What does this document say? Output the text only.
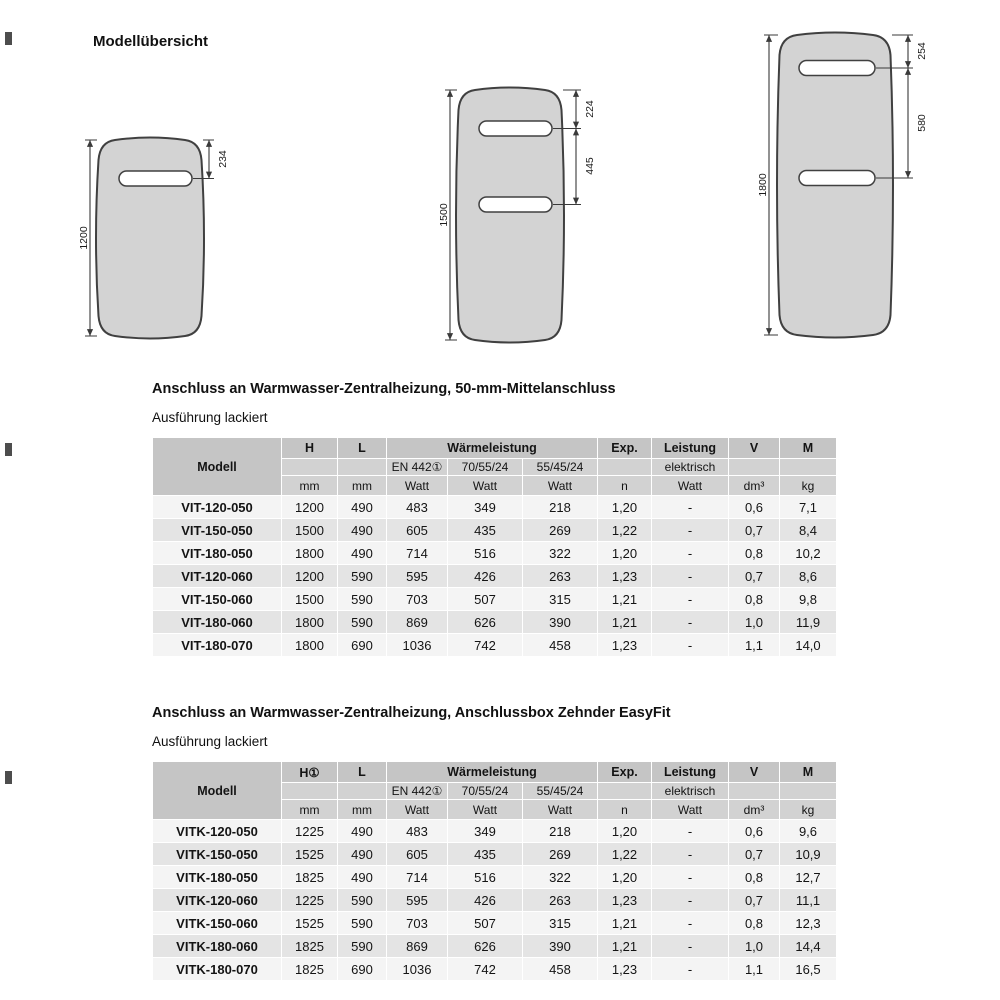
Modellübersicht
1200
234
1500
224
445
1800
254
580
Anschluss an Warmwasser-Zentralheizung, 50-mm-Mittelanschluss
Ausführung lackiert
Modell	H	L	Wärmeleistung			Exp.	Leistung	V	M
			EN 442①	70/55/24	55/45/24		elektrisch		
	mm	mm	Watt	Watt	Watt	n	Watt	dm³	kg
VIT-120-050	1200	490	483	349	218	1,20	-	0,6	7,1
VIT-150-050	1500	490	605	435	269	1,22	-	0,7	8,4
VIT-180-050	1800	490	714	516	322	1,20	-	0,8	10,2
VIT-120-060	1200	590	595	426	263	1,23	-	0,7	8,6
VIT-150-060	1500	590	703	507	315	1,21	-	0,8	9,8
VIT-180-060	1800	590	869	626	390	1,21	-	1,0	11,9
VIT-180-070	1800	690	1036	742	458	1,23	-	1,1	14,0
Anschluss an Warmwasser-Zentralheizung, Anschlussbox Zehnder EasyFit
Ausführung lackiert
Modell	H①	L	Wärmeleistung			Exp.	Leistung	V	M
			EN 442①	70/55/24	55/45/24		elektrisch		
	mm	mm	Watt	Watt	Watt	n	Watt	dm³	kg
VITK-120-050	1225	490	483	349	218	1,20	-	0,6	9,6
VITK-150-050	1525	490	605	435	269	1,22	-	0,7	10,9
VITK-180-050	1825	490	714	516	322	1,20	-	0,8	12,7
VITK-120-060	1225	590	595	426	263	1,23	-	0,7	11,1
VITK-150-060	1525	590	703	507	315	1,21	-	0,8	12,3
VITK-180-060	1825	590	869	626	390	1,21	-	1,0	14,4
VITK-180-070	1825	690	1036	742	458	1,23	-	1,1	16,5
